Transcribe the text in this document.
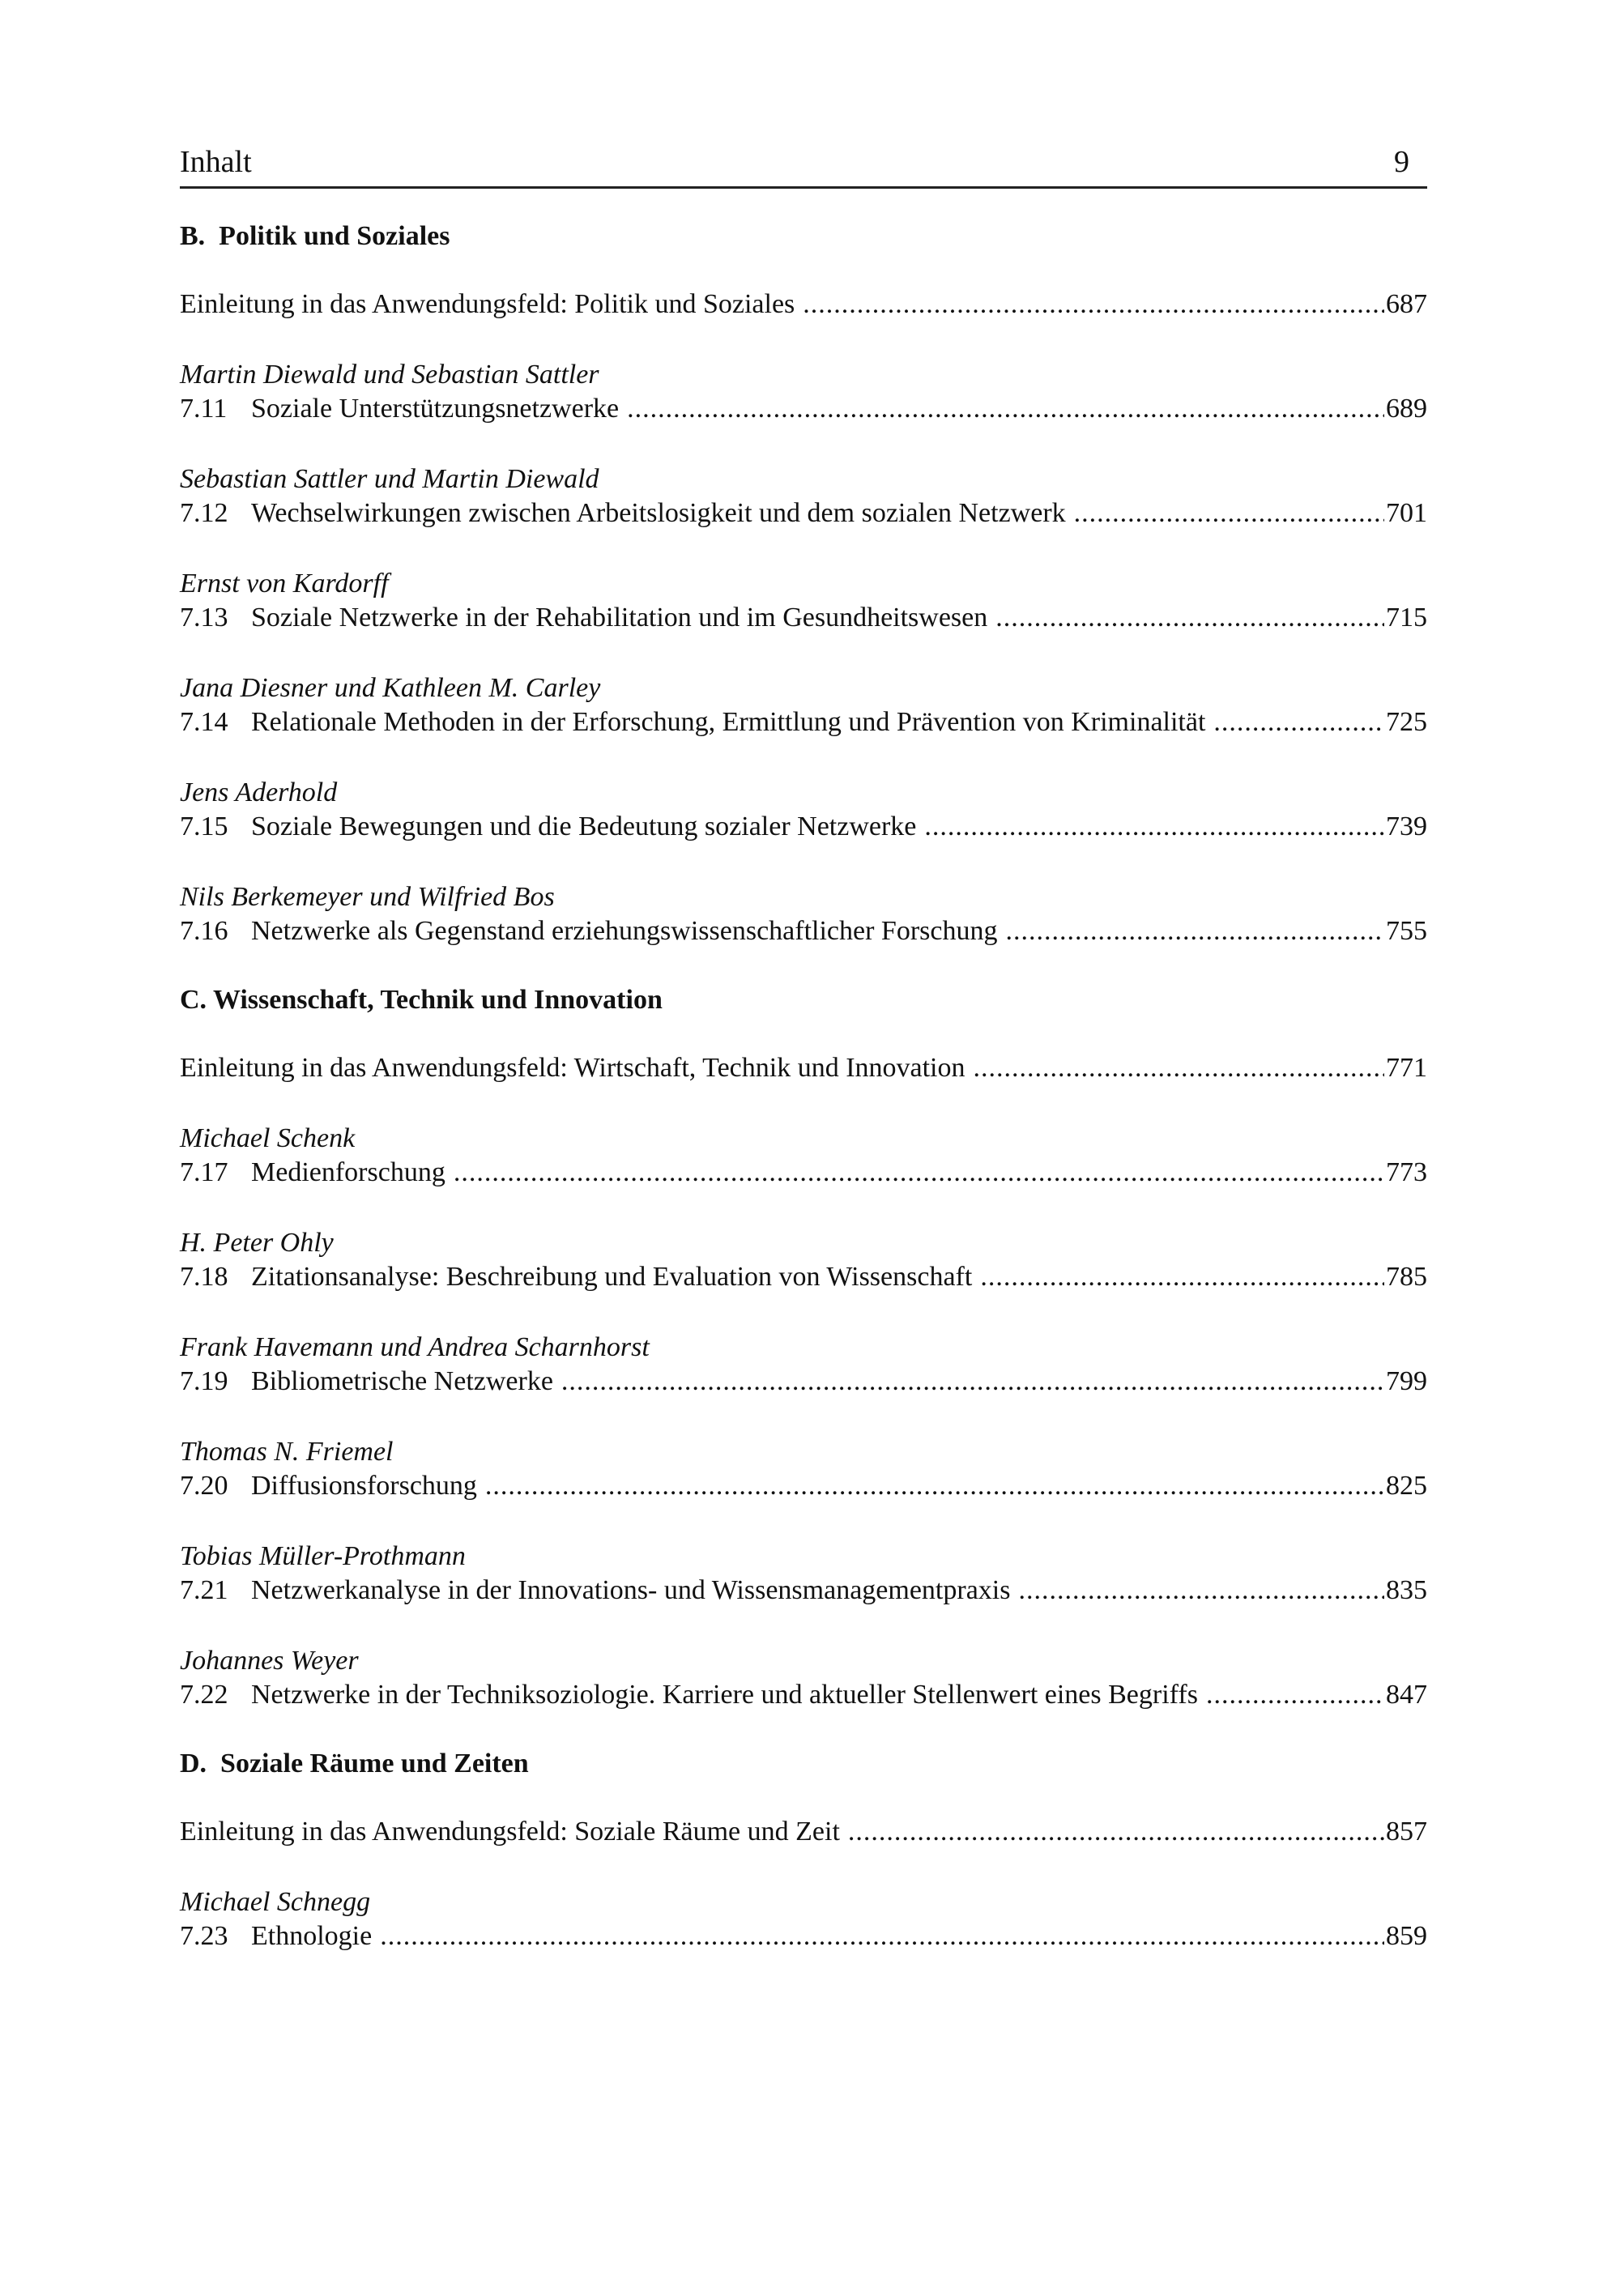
Inhalt	9
B.  Politik und Soziales
Einleitung in das Anwendungsfeld: Politik und Soziales .....	687
Martin Diewald und Sebastian Sattler
7.11 Soziale Unterstützungsnetzwerke .....	689
Sebastian Sattler und Martin Diewald
7.12 Wechselwirkungen zwischen Arbeitslosigkeit und dem sozialen Netzwerk .....	701
Ernst von Kardorff
7.13 Soziale Netzwerke in der Rehabilitation und im Gesundheitswesen .....	715
Jana Diesner und Kathleen M. Carley
7.14 Relationale Methoden in der Erforschung, Ermittlung und Prävention von Kriminalität .....	725
Jens Aderhold
7.15 Soziale Bewegungen und die Bedeutung sozialer Netzwerke .....	739
Nils Berkemeyer und Wilfried Bos
7.16 Netzwerke als Gegenstand erziehungswissenschaftlicher Forschung .....	755
C. Wissenschaft, Technik und Innovation
Einleitung in das Anwendungsfeld: Wirtschaft, Technik und Innovation .....	771
Michael Schenk
7.17 Medienforschung .....	773
H. Peter Ohly
7.18 Zitationsanalyse: Beschreibung und Evaluation von Wissenschaft .....	785
Frank Havemann und Andrea Scharnhorst
7.19 Bibliometrische Netzwerke .....	799
Thomas N. Friemel
7.20 Diffusionsforschung .....	825
Tobias Müller-Prothmann
7.21 Netzwerkanalyse in der Innovations- und Wissensmanagementpraxis .....	835
Johannes Weyer
7.22 Netzwerke in der Techniksoziologie. Karriere und aktueller Stellenwert eines Begriffs .....	847
D.  Soziale Räume und Zeiten
Einleitung in das Anwendungsfeld: Soziale Räume und Zeit .....	857
Michael Schnegg
7.23 Ethnologie .....	859
